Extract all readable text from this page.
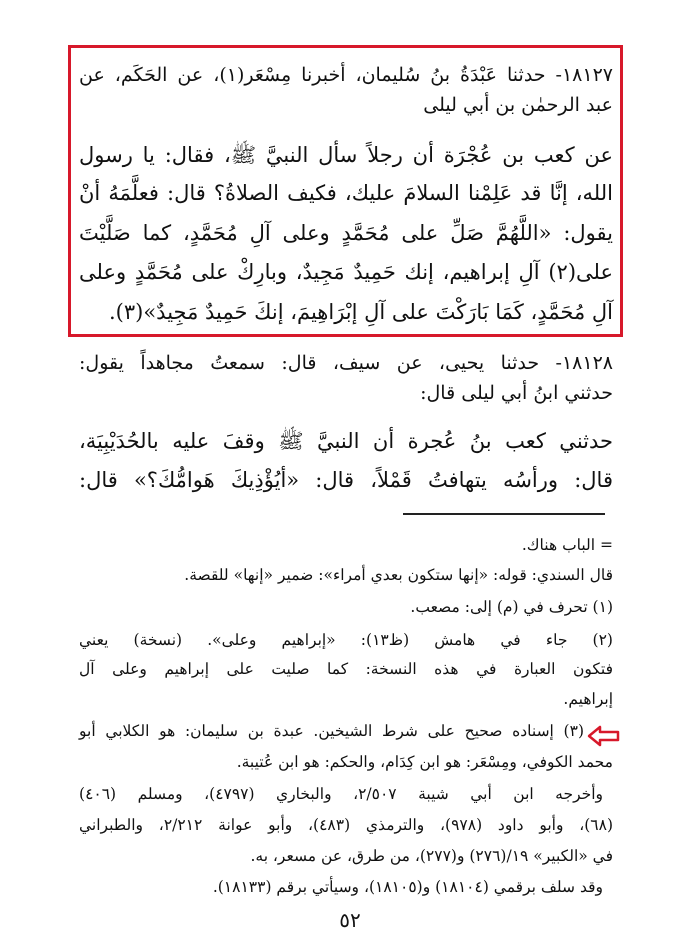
١٨١٢٧- حدثنا عَبْدَةُ بنُ سُليمان، أخبرنا مِسْعَر(١)، عن الحَكَم، عن
عبد الرحمٰن بن أبي ليلى
عن كعب بن عُجْرَة أن رجلاً سأل النبيَّ ﷺ، فقال: يا رسول
الله، إنَّا قد عَلِمْنا السلامَ عليك، فكيف الصلاةُ؟ قال: فعلَّمَهُ أنْ
يقول: «اللَّهُمَّ صَلِّ على مُحَمَّدٍ وعلى آلِ مُحَمَّدٍ، كما صَلَّيْتَ
على(٢) آلِ إبراهيم، إنك حَمِيدٌ مَجِيدٌ، وبارِكْ على مُحَمَّدٍ وعلى
آلِ مُحَمَّدٍ، كَمَا بَارَكْتَ على آلِ إبْرَاهِيمَ، إنكَ حَمِيدٌ مَجِيدٌ»(٣).
١٨١٢٨- حدثنا يحيى، عن سيف، قال: سمعتُ مجاهداً يقول:
حدثني ابنُ أبي ليلى قال:
حدثني كعب بنُ عُجرة أن النبيَّ ﷺ وقفَ عليه بالحُدَيْبِيَة،
قال: ورأسُه يتهافتُ قَمْلاً، قال: «أيُؤْذِيكَ هَوامُّكَ؟» قال:
= الباب هناك.
قال السندي: قوله: «إنها ستكون بعدي أمراء»: ضمير «إنها» للقصة.
(١) تحرف في (م) إلى: مصعب.
(٢) جاء في هامش (ظ١٣): «إبراهيم وعلى». (نسخة) يعني
فتكون العبارة في هذه النسخة: كما صليت على إبراهيم وعلى آل
إبراهيم.
(٣) إسناده صحيح على شرط الشيخين. عبدة بن سليمان: هو الكلابي أبو
محمد الكوفي، ومِسْعَر: هو ابن كِدَام، والحكم: هو ابن عُتيبة.
وأخرجه ابن أبي شيبة ٢/٥٠٧، والبخاري (٤٧٩٧)، ومسلم (٤٠٦)
(٦٨)، وأبو داود (٩٧٨)، والترمذي (٤٨٣)، وأبو عوانة ٢/٢١٢، والطبراني
في «الكبير» ١٩/(٢٧٦) و(٢٧٧)، من طرق، عن مسعر، به.
وقد سلف برقمي (١٨١٠٤) و(١٨١٠٥)، وسيأتي برقم (١٨١٣٣).
٥٢
